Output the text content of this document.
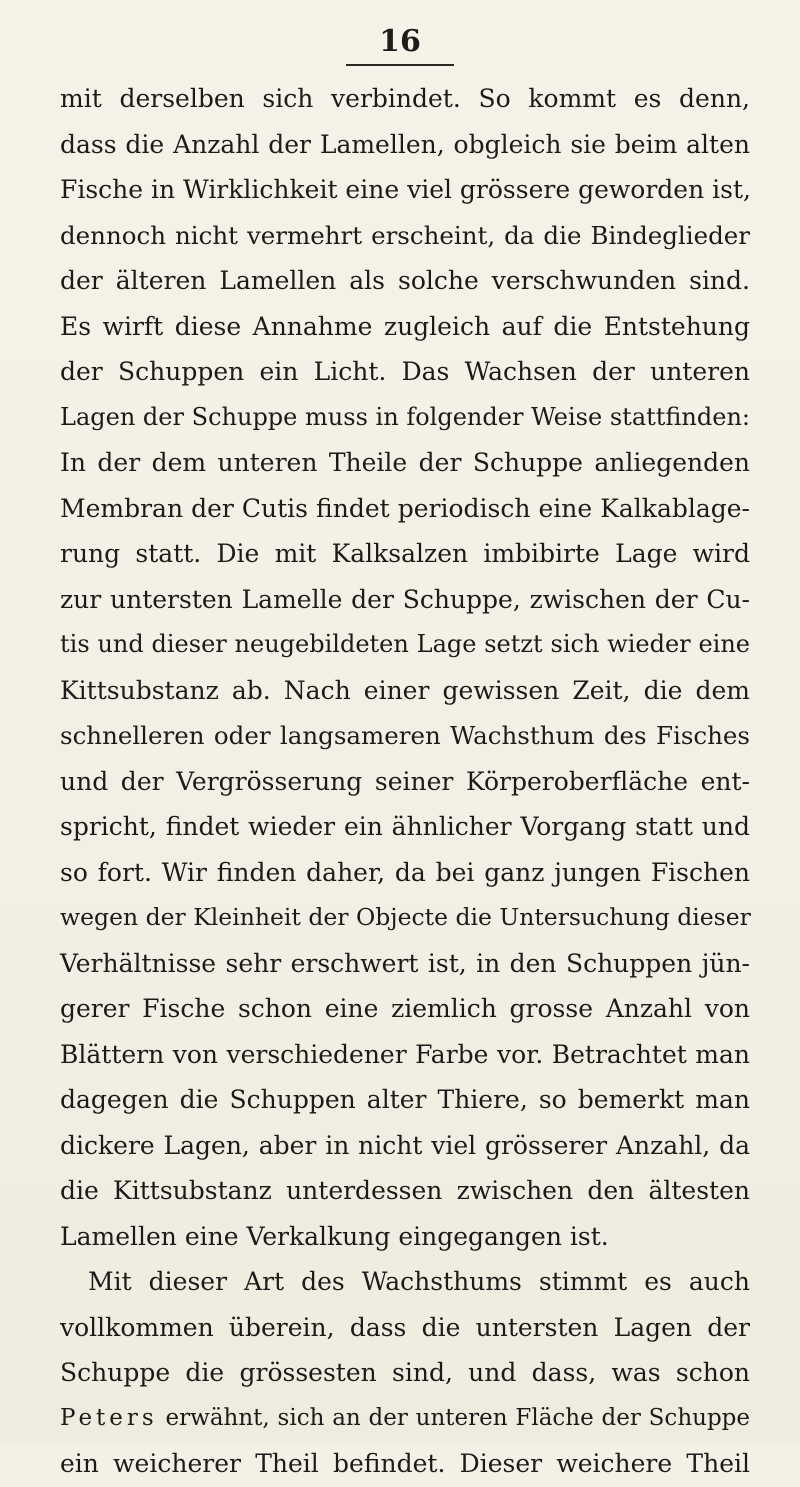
16
mit derselben sich verbindet. So kommt es denn,
dass die Anzahl der Lamellen, obgleich sie beim alten
Fische in Wirklichkeit eine viel grössere geworden ist,
dennoch nicht vermehrt erscheint, da die Bindeglieder
der älteren Lamellen als solche verschwunden sind.
Es wirft diese Annahme zugleich auf die Entstehung
der Schuppen ein Licht. Das Wachsen der unteren
Lagen der Schuppe muss in folgender Weise stattfinden:
In der dem unteren Theile der Schuppe anliegenden
Membran der Cutis findet periodisch eine Kalkablage-
rung statt. Die mit Kalksalzen imbibirte Lage wird
zur untersten Lamelle der Schuppe, zwischen der Cu-
tis und dieser neugebildeten Lage setzt sich wieder eine
Kittsubstanz ab. Nach einer gewissen Zeit, die dem
schnelleren oder langsameren Wachsthum des Fisches
und der Vergrösserung seiner Körperoberfläche ent-
spricht, findet wieder ein ähnlicher Vorgang statt und
so fort. Wir finden daher, da bei ganz jungen Fischen
wegen der Kleinheit der Objecte die Untersuchung dieser
Verhältnisse sehr erschwert ist, in den Schuppen jün-
gerer Fische schon eine ziemlich grosse Anzahl von
Blättern von verschiedener Farbe vor. Betrachtet man
dagegen die Schuppen alter Thiere, so bemerkt man
dickere Lagen, aber in nicht viel grösserer Anzahl, da
die Kittsubstanz unterdessen zwischen den ältesten
Lamellen eine Verkalkung eingegangen ist.
Mit dieser Art des Wachsthums stimmt es auch
vollkommen überein, dass die untersten Lagen der
Schuppe die grössesten sind, und dass, was schon
Peters erwähnt, sich an der unteren Fläche der Schuppe
ein weicherer Theil befindet. Dieser weichere Theil
